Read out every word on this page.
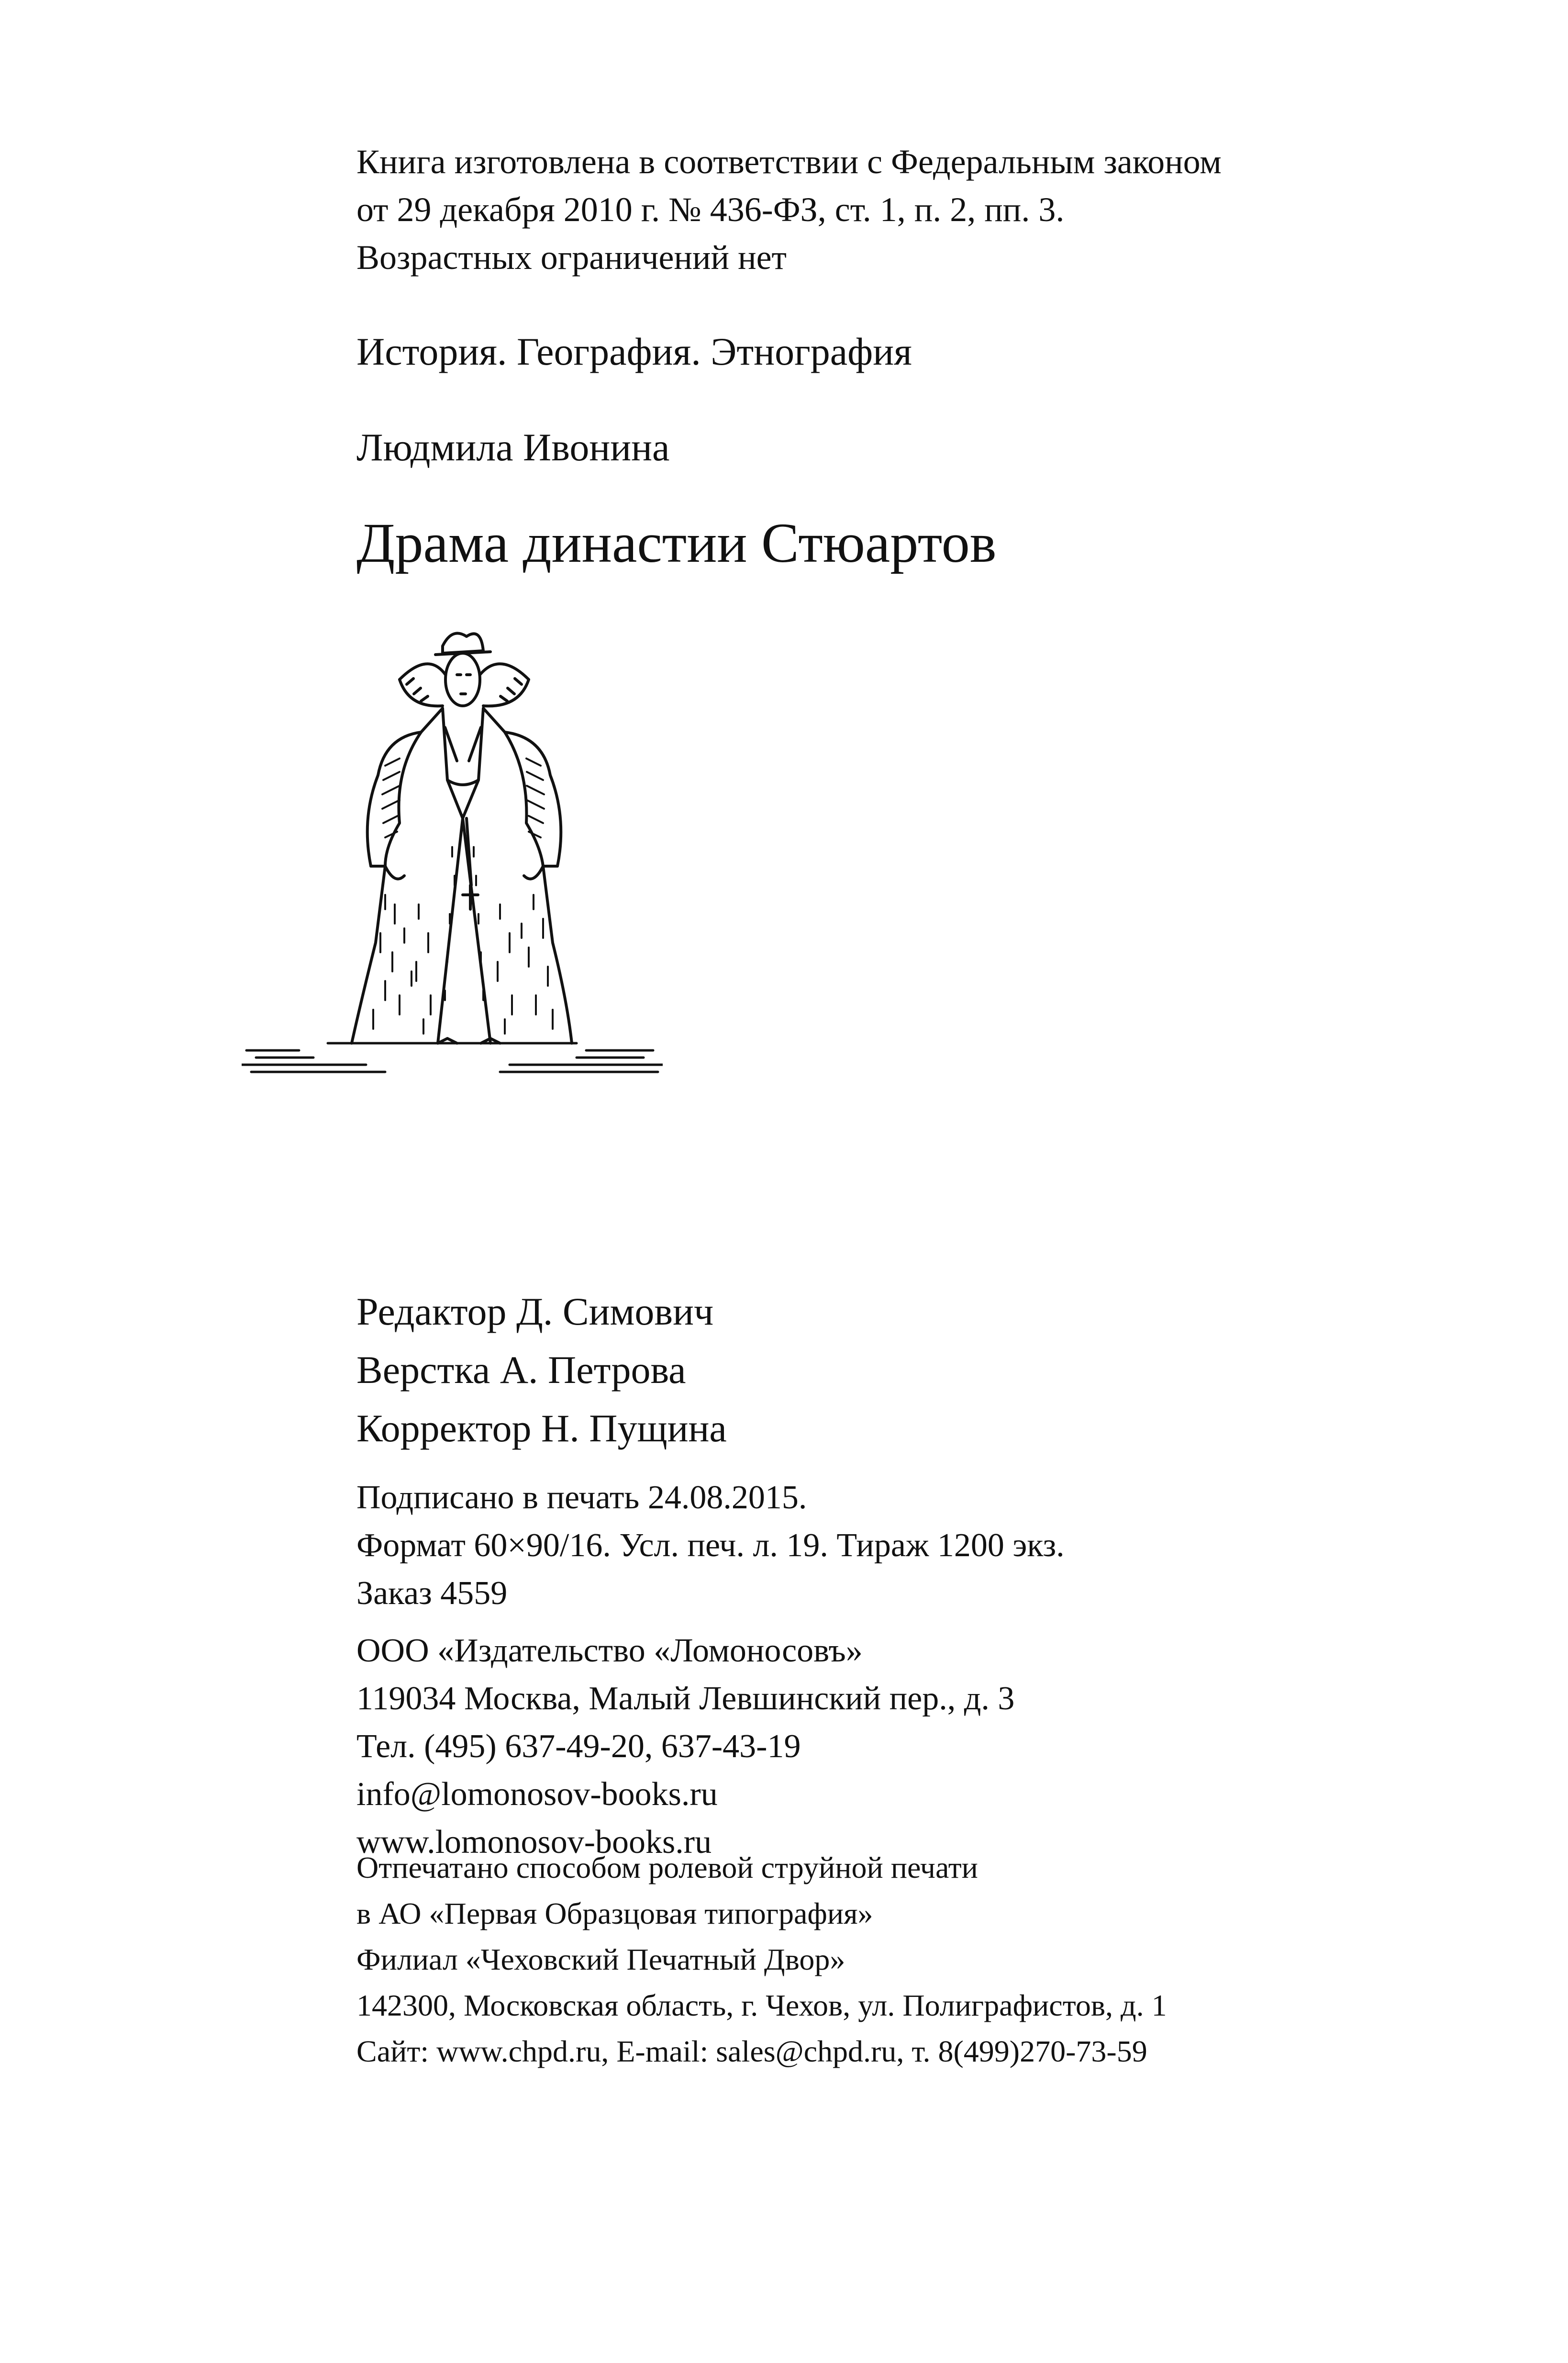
Книга изготовлена в соответствии с Федеральным законом
от 29 декабря 2010 г. № 436-ФЗ, ст. 1, п. 2, пп. 3.
Возрастных ограничений нет
История. География. Этнография
Людмила Ивонина
Драма династии Стюартов
Редактор Д. Симович
Верстка А. Петрова
Корректор Н. Пущина
Подписано в печать 24.08.2015.
Формат 60×90/16. Усл. печ. л. 19. Тираж 1200 экз.
Заказ 4559
ООО «Издательство «Ломоносовъ»
119034 Москва, Малый Левшинский пер., д. 3
Тел. (495) 637-49-20, 637-43-19
info@lomonosov-books.ru
www.lomonosov-books.ru
Отпечатано способом ролевой струйной печати
в АО «Первая Образцовая типография»
Филиал «Чеховский Печатный Двор»
142300, Московская область, г. Чехов, ул. Полиграфистов, д. 1
Сайт: www.chpd.ru, E-mail: sales@chpd.ru, т. 8(499)270-73-59
